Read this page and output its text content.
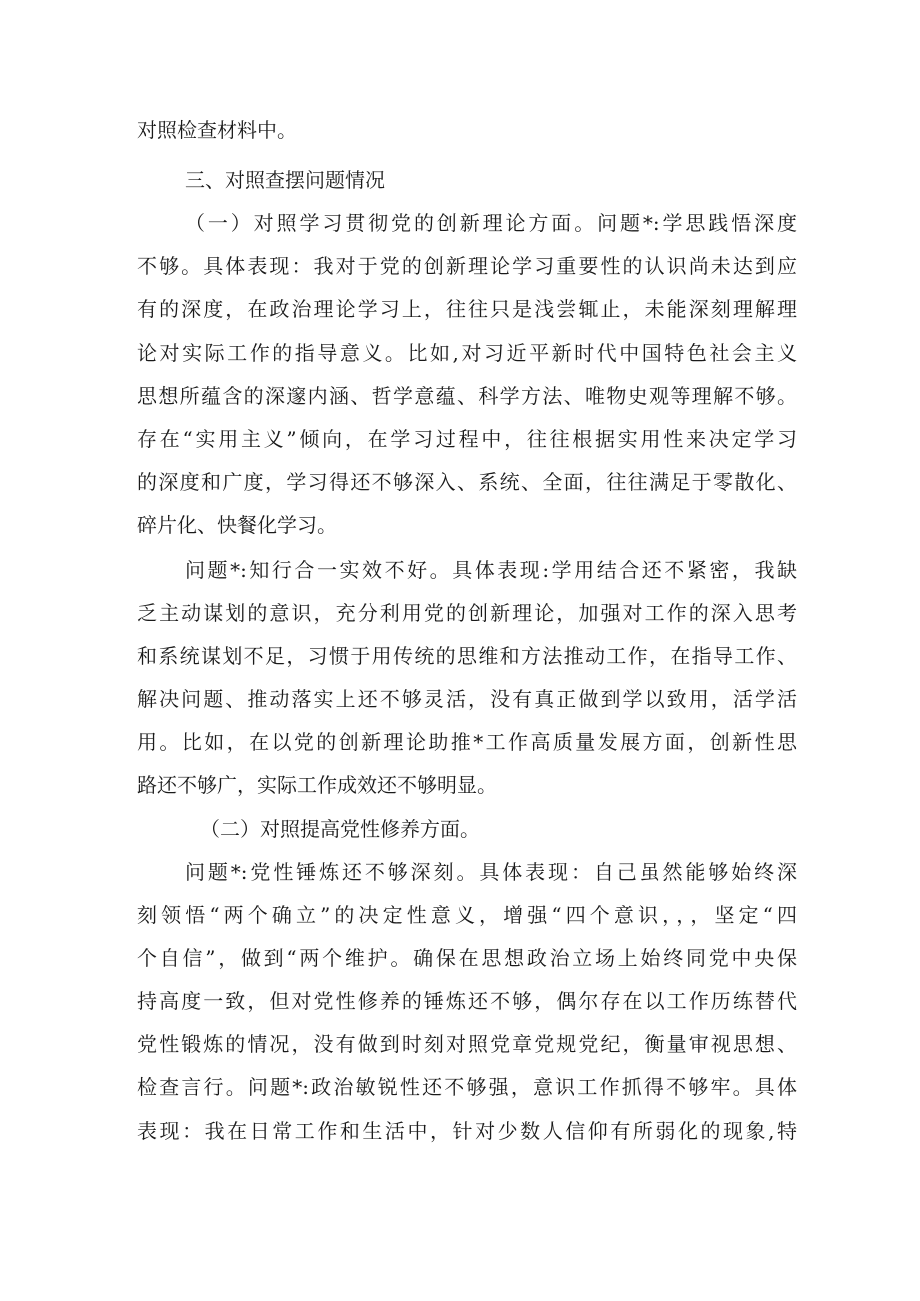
对照检查材料中。
三、对照查摆问题情况
（一）对照学习贯彻党的创新理论方面。问题*:学思践悟深度
不够。具体表现：我对于党的创新理论学习重要性的认识尚未达到应
有的深度，在政治理论学习上，往往只是浅尝辄止，未能深刻理解理
论对实际工作的指导意义。比如,对习近平新时代中国特色社会主义
思想所蕴含的深邃内涵、哲学意蕴、科学方法、唯物史观等理解不够。
存在“实用主义”倾向，在学习过程中，往往根据实用性来决定学习
的深度和广度，学习得还不够深入、系统、全面，往往满足于零散化、
碎片化、快餐化学习。
问题*:知行合一实效不好。具体表现:学用结合还不紧密，我缺
乏主动谋划的意识，充分利用党的创新理论，加强对工作的深入思考
和系统谋划不足，习惯于用传统的思维和方法推动工作，在指导工作、
解决问题、推动落实上还不够灵活，没有真正做到学以致用，活学活
用。比如，在以党的创新理论助推*工作高质量发展方面，创新性思
路还不够广，实际工作成效还不够明显。
（二）对照提高党性修养方面。
问题*:党性锤炼还不够深刻。具体表现：自己虽然能够始终深
刻领悟“两个确立”的决定性意义，增强“四个意识，，，坚定“四
个自信”，做到“两个维护。确保在思想政治立场上始终同党中央保
持高度一致，但对党性修养的锤炼还不够，偶尔存在以工作历练替代
党性锻炼的情况，没有做到时刻对照党章党规党纪，衡量审视思想、
检查言行。问题*:政治敏锐性还不够强，意识工作抓得不够牢。具体
表现：我在日常工作和生活中，针对少数人信仰有所弱化的现象,特
